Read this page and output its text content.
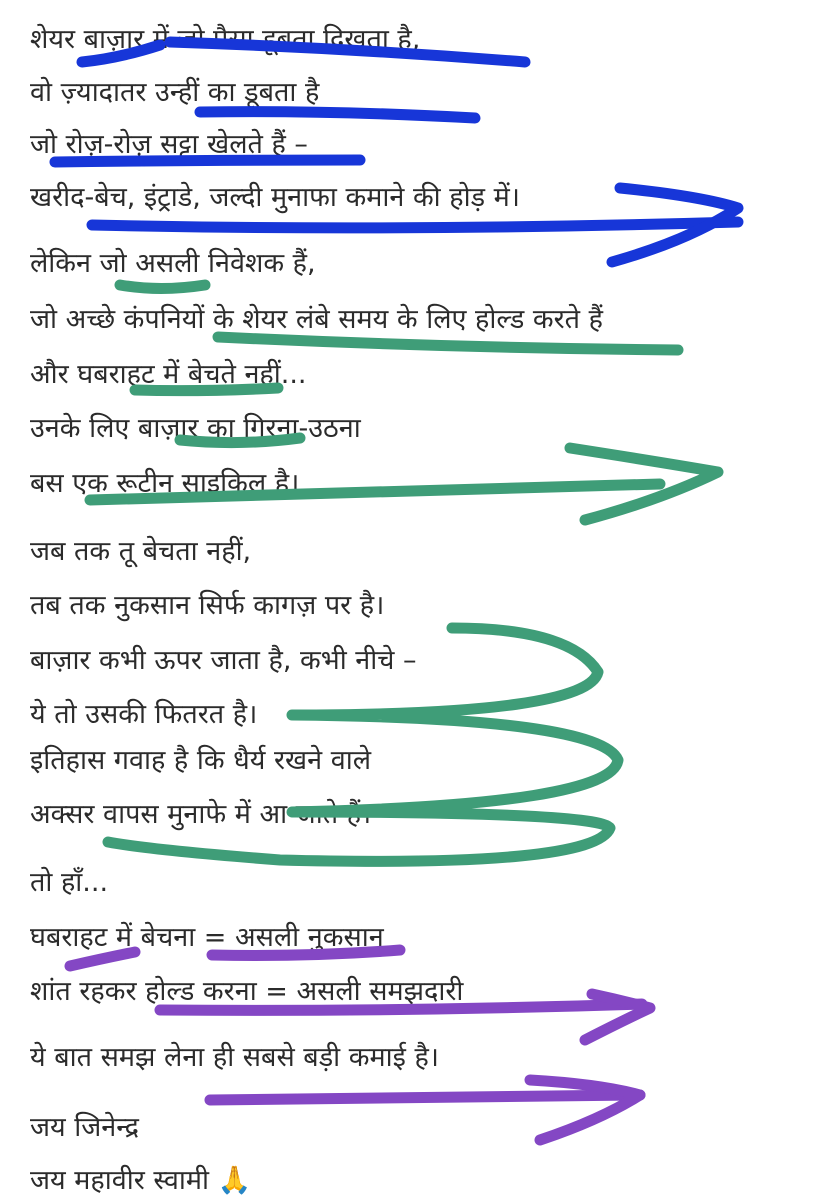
शेयर बाज़ार में जो पैसा डूबता दिखता है,
वो ज़्यादातर उन्हीं का डूबता है
जो रोज़-रोज़ सट्टा खेलते हैं –
खरीद-बेच, इंट्राडे, जल्दी मुनाफा कमाने की होड़ में।
लेकिन जो असली निवेशक हैं,
जो अच्छे कंपनियों के शेयर लंबे समय के लिए होल्ड करते हैं
और घबराहट में बेचते नहीं...
उनके लिए बाज़ार का गिरना-उठना
बस एक रूटीन साइकिल है।
जब तक तू बेचता नहीं,
तब तक नुकसान सिर्फ कागज़ पर है।
बाज़ार कभी ऊपर जाता है, कभी नीचे –
ये तो उसकी फितरत है।
इतिहास गवाह है कि धैर्य रखने वाले
अक्सर वापस मुनाफे में आ जाते हैं।
तो हाँ...
घबराहट में बेचना = असली नुकसान
शांत रहकर होल्ड करना = असली समझदारी
ये बात समझ लेना ही सबसे बड़ी कमाई है।
जय जिनेन्द्र
जय महावीर स्वामी 🙏
